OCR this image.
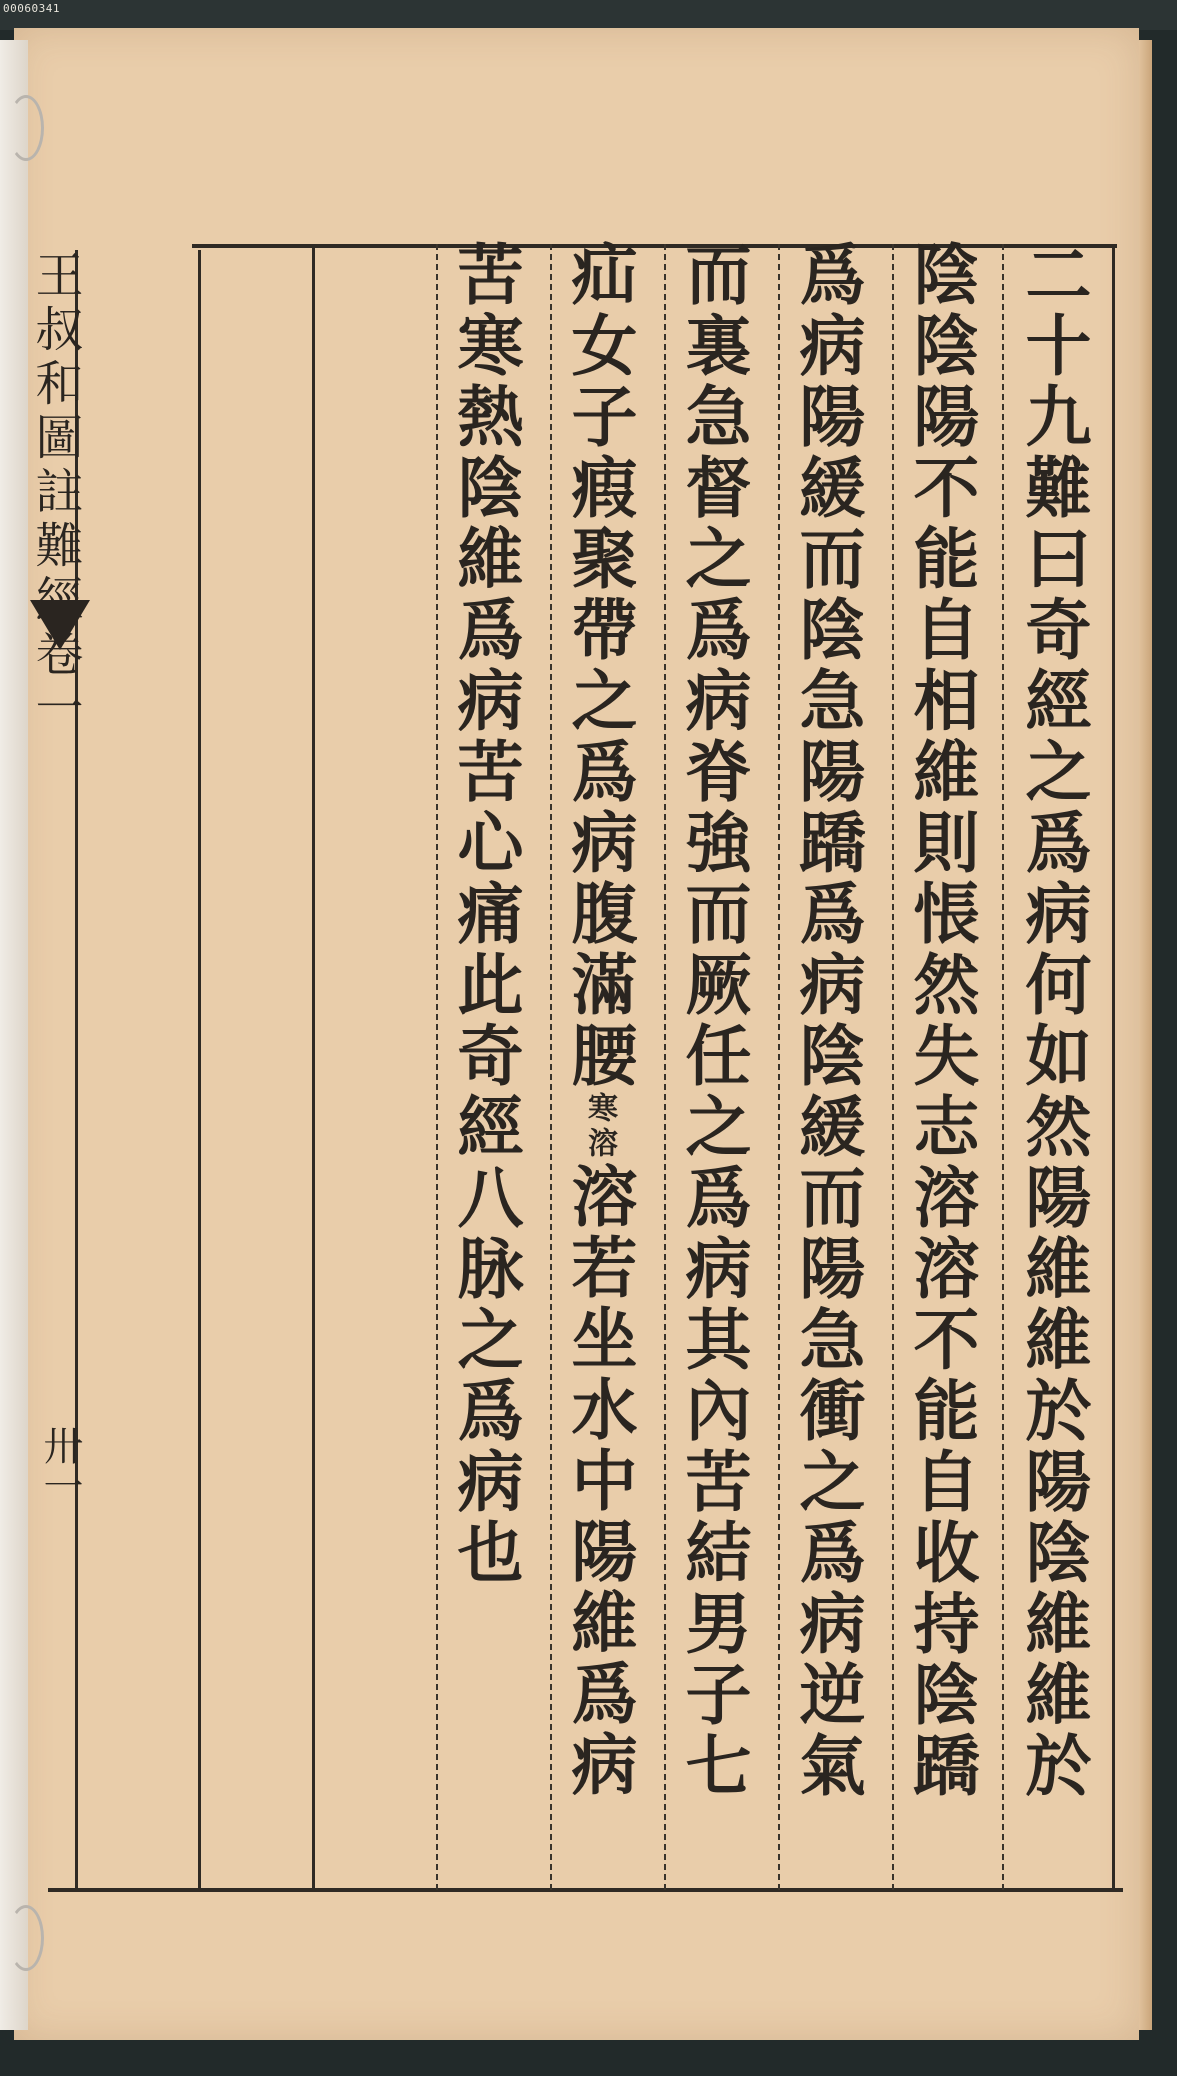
00060341
二十九難曰奇經之爲病何如然陽維維於陽陰維維於
陰陰陽不能自相維則悵然失志溶溶不能自收持陰蹻
爲病陽緩而陰急陽蹻爲病陰緩而陽急衝之爲病逆氣
而裏急督之爲病脊強而厥任之爲病其內苦結男子七
疝女子瘕聚帶之爲病腹滿腰寒溶溶若坐水中陽維爲病
苦寒熱陰維爲病苦心痛此奇經八脉之爲病也
王叔和圖註難經卷一
卅一
